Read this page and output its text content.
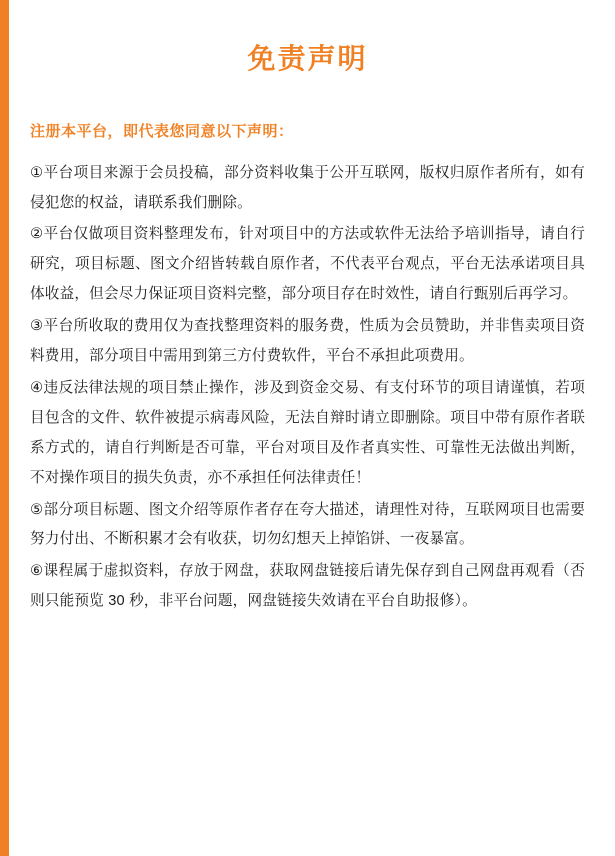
免责声明

注册本平台，即代表您同意以下声明：

①平台项目来源于会员投稿，部分资料收集于公开互联网，版权归原作者所有，如有侵犯您的权益，请联系我们删除。

②平台仅做项目资料整理发布，针对项目中的方法或软件无法给予培训指导，请自行研究，项目标题、图文介绍皆转载自原作者，不代表平台观点，平台无法承诺项目具体收益，但会尽力保证项目资料完整，部分项目存在时效性，请自行甄别后再学习。

③平台所收取的费用仅为查找整理资料的服务费，性质为会员赞助，并非售卖项目资料费用，部分项目中需用到第三方付费软件，平台不承担此项费用。

④违反法律法规的项目禁止操作，涉及到资金交易、有支付环节的项目请谨慎，若项目包含的文件、软件被提示病毒风险，无法自辩时请立即删除。项目中带有原作者联系方式的，请自行判断是否可靠，平台对项目及作者真实性、可靠性无法做出判断，不对操作项目的损失负责，亦不承担任何法律责任！

⑤部分项目标题、图文介绍等原作者存在夸大描述，请理性对待，互联网项目也需要努力付出、不断积累才会有收获，切勿幻想天上掉馅饼、一夜暴富。

⑥课程属于虚拟资料，存放于网盘，获取网盘链接后请先保存到自己网盘再观看（否则只能预览 30 秒，非平台问题，网盘链接失效请在平台自助报修）。
